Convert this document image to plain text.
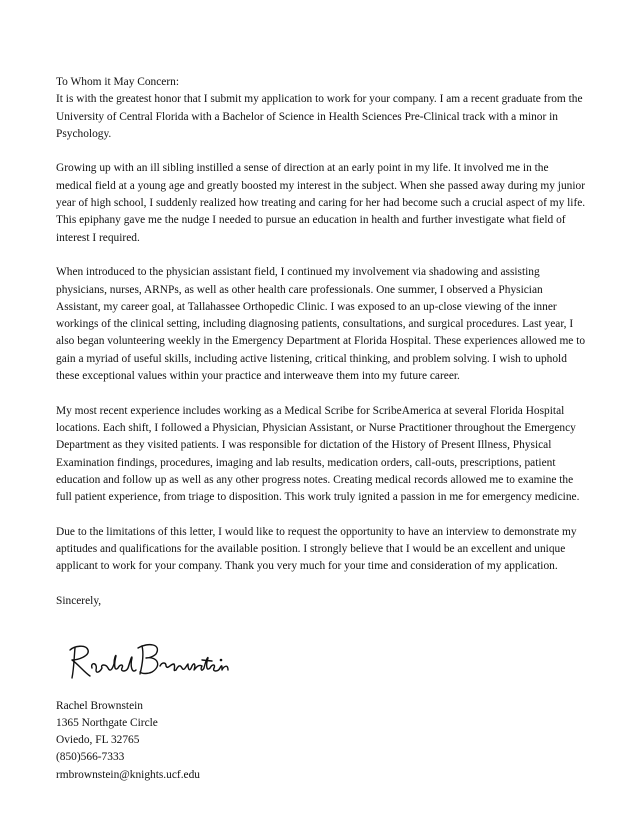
To Whom it May Concern:

It is with the greatest honor that I submit my application to work for your company. I am a recent graduate from the University of Central Florida with a Bachelor of Science in Health Sciences Pre-Clinical track with a minor in Psychology.

Growing up with an ill sibling instilled a sense of direction at an early point in my life. It involved me in the medical field at a young age and greatly boosted my interest in the subject. When she passed away during my junior year of high school, I suddenly realized how treating and caring for her had become such a crucial aspect of my life. This epiphany gave me the nudge I needed to pursue an education in health and further investigate what field of interest I required.

When introduced to the physician assistant field, I continued my involvement via shadowing and assisting physicians, nurses, ARNPs, as well as other health care professionals. One summer, I observed a Physician Assistant, my career goal, at Tallahassee Orthopedic Clinic. I was exposed to an up-close viewing of the inner workings of the clinical setting, including diagnosing patients, consultations, and surgical procedures. Last year, I also began volunteering weekly in the Emergency Department at Florida Hospital. These experiences allowed me to gain a myriad of useful skills, including active listening, critical thinking, and problem solving. I wish to uphold these exceptional values within your practice and interweave them into my future career.

My most recent experience includes working as a Medical Scribe for ScribeAmerica at several Florida Hospital locations. Each shift, I followed a Physician, Physician Assistant, or Nurse Practitioner throughout the Emergency Department as they visited patients. I was responsible for dictation of the History of Present Illness, Physical Examination findings, procedures, imaging and lab results, medication orders, call-outs, prescriptions, patient education and follow up as well as any other progress notes. Creating medical records allowed me to examine the full patient experience, from triage to disposition. This work truly ignited a passion in me for emergency medicine.

Due to the limitations of this letter, I would like to request the opportunity to have an interview to demonstrate my aptitudes and qualifications for the available position. I strongly believe that I would be an excellent and unique applicant to work for your company. Thank you very much for your time and consideration of my application.

Sincerely,

Rachel Brownstein
1365 Northgate Circle
Oviedo, FL 32765
(850)566-7333
rmbrownstein@knights.ucf.edu
